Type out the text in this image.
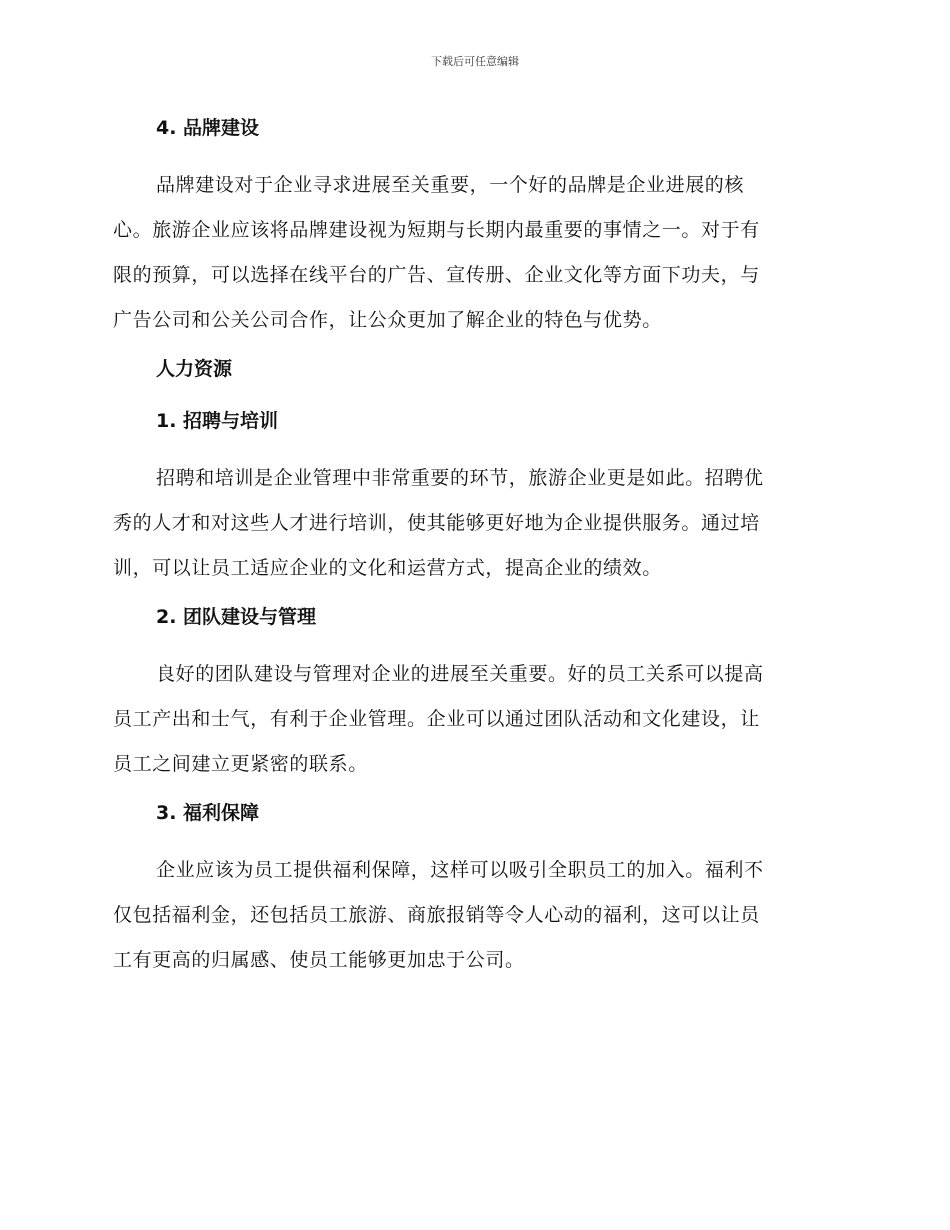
下载后可任意编辑
4. 品牌建设
品牌建设对于企业寻求进展至关重要，一个好的品牌是企业进展的核
心。旅游企业应该将品牌建设视为短期与长期内最重要的事情之一。对于有
限的预算，可以选择在线平台的广告、宣传册、企业文化等方面下功夫，与
广告公司和公关公司合作，让公众更加了解企业的特色与优势。
人力资源
1. 招聘与培训
招聘和培训是企业管理中非常重要的环节，旅游企业更是如此。招聘优
秀的人才和对这些人才进行培训，使其能够更好地为企业提供服务。通过培
训，可以让员工适应企业的文化和运营方式，提高企业的绩效。
2. 团队建设与管理
良好的团队建设与管理对企业的进展至关重要。好的员工关系可以提高
员工产出和士气，有利于企业管理。企业可以通过团队活动和文化建设，让
员工之间建立更紧密的联系。
3. 福利保障
企业应该为员工提供福利保障，这样可以吸引全职员工的加入。福利不
仅包括福利金，还包括员工旅游、商旅报销等令人心动的福利，这可以让员
工有更高的归属感、使员工能够更加忠于公司。
